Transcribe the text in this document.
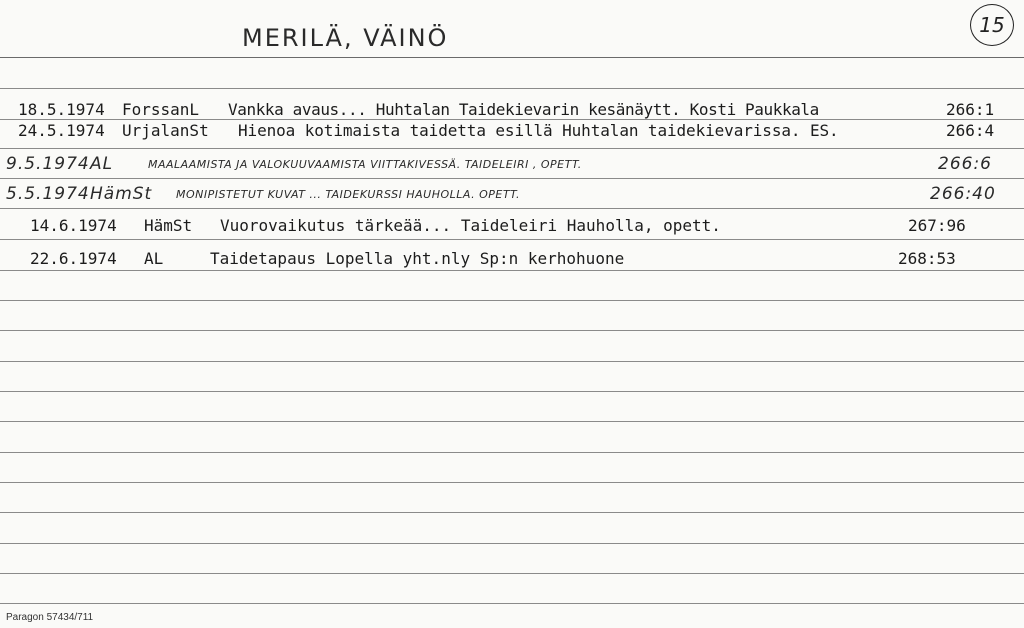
MERILÄ, VÄINÖ	15
18.5.1974 ForssanL Vankka avaus... Huhtalan Taidekievarin kesänäytt. Kosti Paukkala	266:1
24.5.1974 UrjalanSt Hienoa kotimaista taidetta esillä Huhtalan taidekievarissa. ES.	266:4
9.5.1974 AL	MAALAAMISTA JA VALOKUUVAAMISTA VIITTAKIVESSÄ. TAIDELEIRI , OPETT.	266:6
5.5.1974 HämSt MONIPISTETUT KUVAT ... TAIDEKURSSI HAUHOLLA. OPETT.	266:40
14.6.1974 HämSt Vuorovaikutus tärkeää... Taideleiri Hauholla, opett.	267:96
22.6.1974 AL	Taidetapaus Lopella yht.nly Sp:n kerhohuone	268:53
Paragon 57434/711
